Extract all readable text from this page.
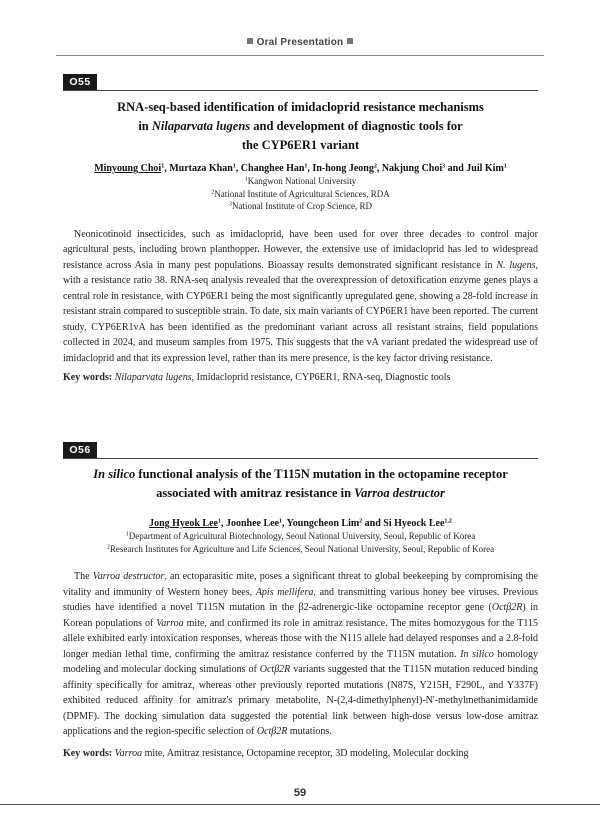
Oral Presentation
O55
RNA-seq-based identification of imidacloprid resistance mechanisms
in Nilaparvata lugens and development of diagnostic tools for
the CYP6ER1 variant
Minyoung Choi$^1$, Murtaza Khan$^1$, Changhee Han$^1$, In-hong Jeong$^2$, Nakjung Choi$^3$ and Juil Kim$^1$
$^1$Kangwon National University
$^2$National Institute of Agricultural Sciences, RDA
$^3$National Institute of Crop Science, RD

Neonicotinoid insecticides, such as imidacloprid, have been used for over three decades to control major agricultural pests, including brown planthopper. However, the extensive use of imidacloprid has led to widespread resistance across Asia in many pest populations. Bioassay results demonstrated significant resistance in N. lugens, with a resistance ratio 38. RNA-seq analysis revealed that the overexpression of detoxification enzyme genes plays a central role in resistance, with CYP6ER1 being the most significantly upregulated gene, showing a 28-fold increase in resistant strain compared to susceptible strain. To date, six main variants of CYP6ER1 have been reported. The current study, CYP6ER1vA has been identified as the predominant variant across all resistant strains, field populations collected in 2024, and museum samples from 1975. This suggests that the vA variant predated the widespread use of imidacloprid and that its expression level, rather than its mere presence, is the key factor driving resistance.

Key words: Nilaparvata lugens, Imidacloprid resistance, CYP6ER1, RNA-seq, Diagnostic tools
O56
In silico functional analysis of the T115N mutation in the octopamine receptor
associated with amitraz resistance in Varroa destructor
Jong Hyeok Lee$^1$, Joonhee Lee$^1$, Youngcheon Lim$^2$ and Si Hyeock Lee$^{1,2}$
$^1$Department of Agricultural Biotechnology, Seoul National University, Seoul, Republic of Korea
$^2$Research Institutes for Agriculture and Life Sciences, Seoul National University, Seoul, Republic of Korea

The Varroa destructor, an ectoparasitic mite, poses a significant threat to global beekeeping by compromising the vitality and immunity of Western honey bees, Apis mellifera, and transmitting various honey bee viruses. Previous studies have identified a novel T115N mutation in the β2-adrenergic-like octopamine receptor gene (Octβ2R) in Korean populations of Varroa mite, and confirmed its role in amitraz resistance. The mites homozygous for the T115 allele exhibited early intoxication responses, whereas those with the N115 allele had delayed responses and a 2.8-fold longer median lethal time, confirming the amitraz resistance conferred by the T115N mutation. In silico homology modeling and molecular docking simulations of Octβ2R variants suggested that the T115N mutation reduced binding affinity specifically for amitraz, whereas other previously reported mutations (N87S, Y215H, F290L, and Y337F) exhibited reduced affinity for amitraz's primary metabolite, N-(2,4-dimethylphenyl)-N'-methylmethanimidamide (DPMF). The docking simulation data suggested the potential link between high-dose versus low-dose amitraz applications and the region-specific selection of Octβ2R mutations.

Key words: Varroa mite, Amitraz resistance, Octopamine receptor, 3D modeling, Molecular docking
59
